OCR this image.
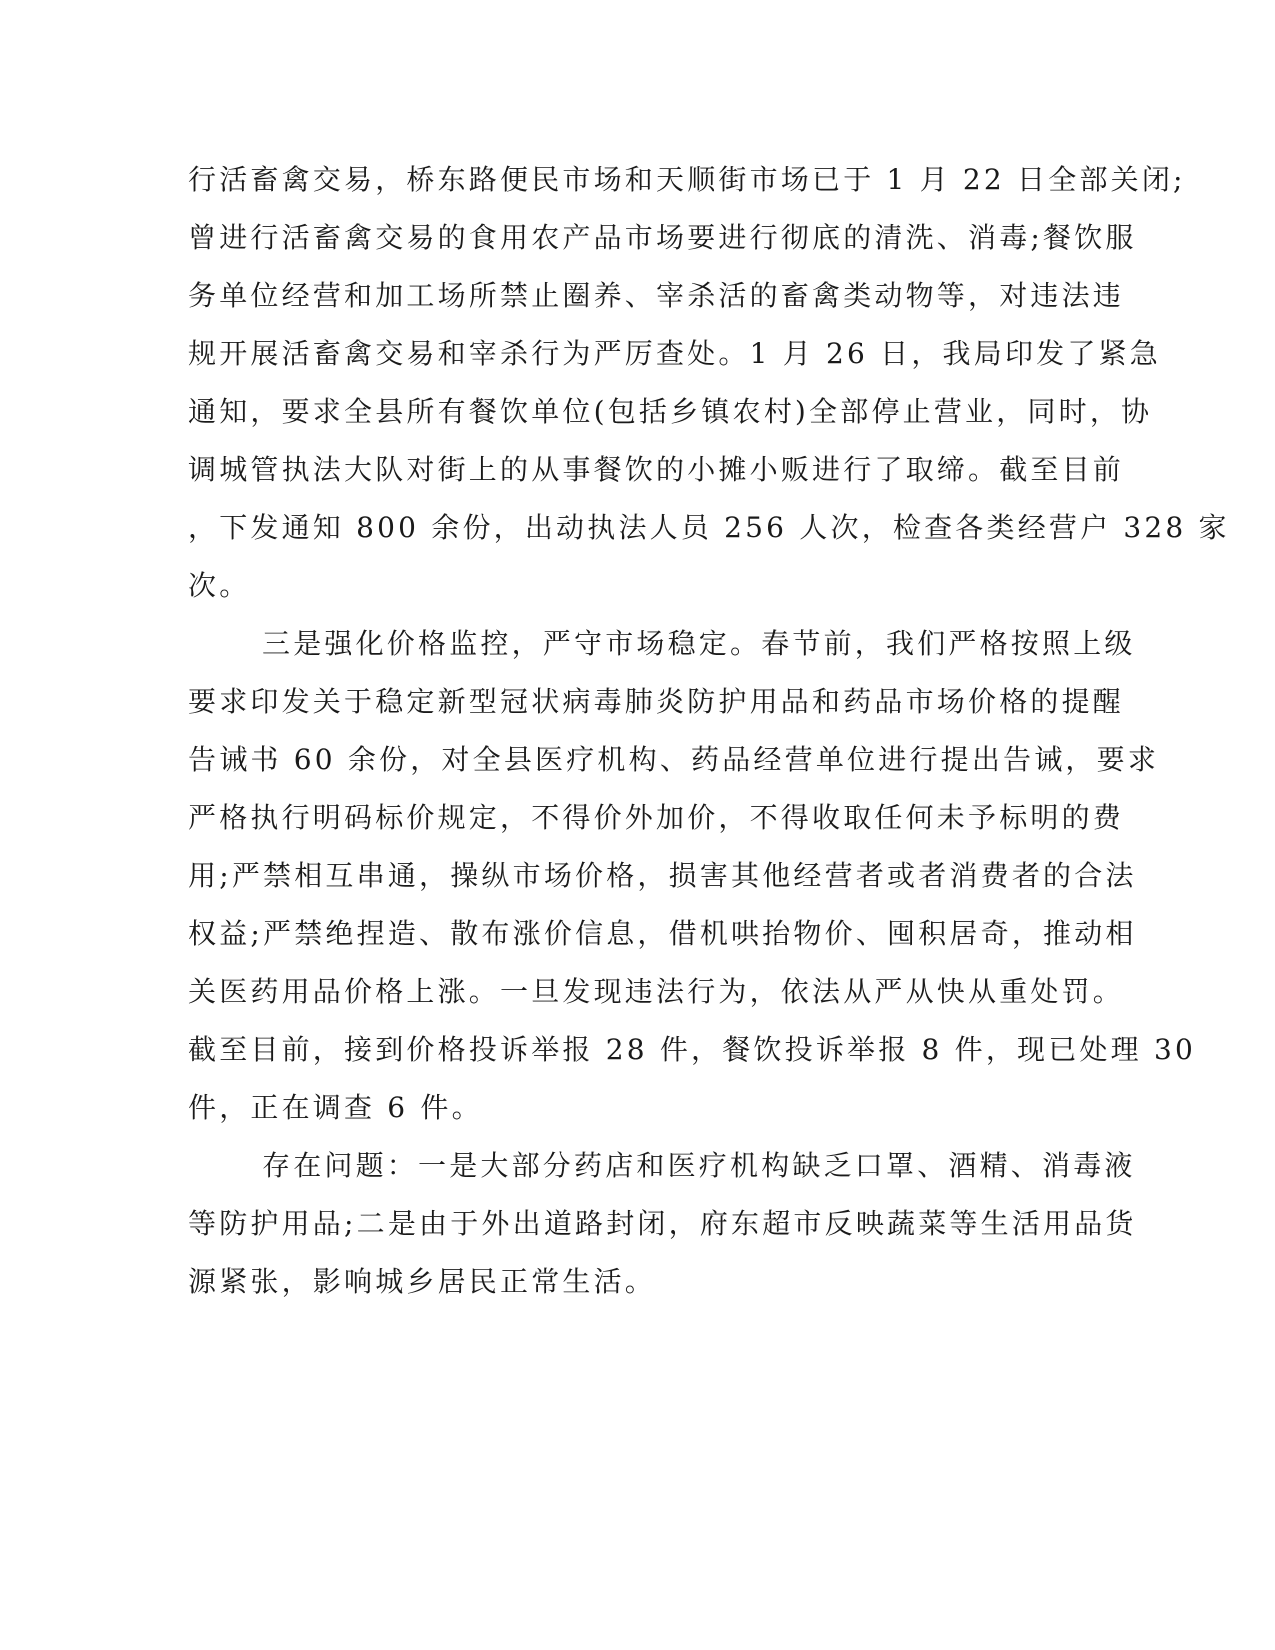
行活畜禽交易，桥东路便民市场和天顺街市场已于 1 月 22 日全部关闭;
曾进行活畜禽交易的食用农产品市场要进行彻底的清洗、消毒;餐饮服
务单位经营和加工场所禁止圈养、宰杀活的畜禽类动物等，对违法违
规开展活畜禽交易和宰杀行为严厉查处。1 月 26 日，我局印发了紧急
通知，要求全县所有餐饮单位(包括乡镇农村)全部停止营业，同时，协
调城管执法大队对街上的从事餐饮的小摊小贩进行了取缔。截至目前
，下发通知 800 余份，出动执法人员 256 人次，检查各类经营户 328 家
次。
三是强化价格监控，严守市场稳定。春节前，我们严格按照上级
要求印发关于稳定新型冠状病毒肺炎防护用品和药品市场价格的提醒
告诫书 60 余份，对全县医疗机构、药品经营单位进行提出告诫，要求
严格执行明码标价规定，不得价外加价，不得收取任何未予标明的费
用;严禁相互串通，操纵市场价格，损害其他经营者或者消费者的合法
权益;严禁绝捏造、散布涨价信息，借机哄抬物价、囤积居奇，推动相
关医药用品价格上涨。一旦发现违法行为，依法从严从快从重处罚。
截至目前，接到价格投诉举报 28 件，餐饮投诉举报 8 件，现已处理 30
件，正在调查 6 件。
存在问题：一是大部分药店和医疗机构缺乏口罩、酒精、消毒液
等防护用品;二是由于外出道路封闭，府东超市反映蔬菜等生活用品货
源紧张，影响城乡居民正常生活。
